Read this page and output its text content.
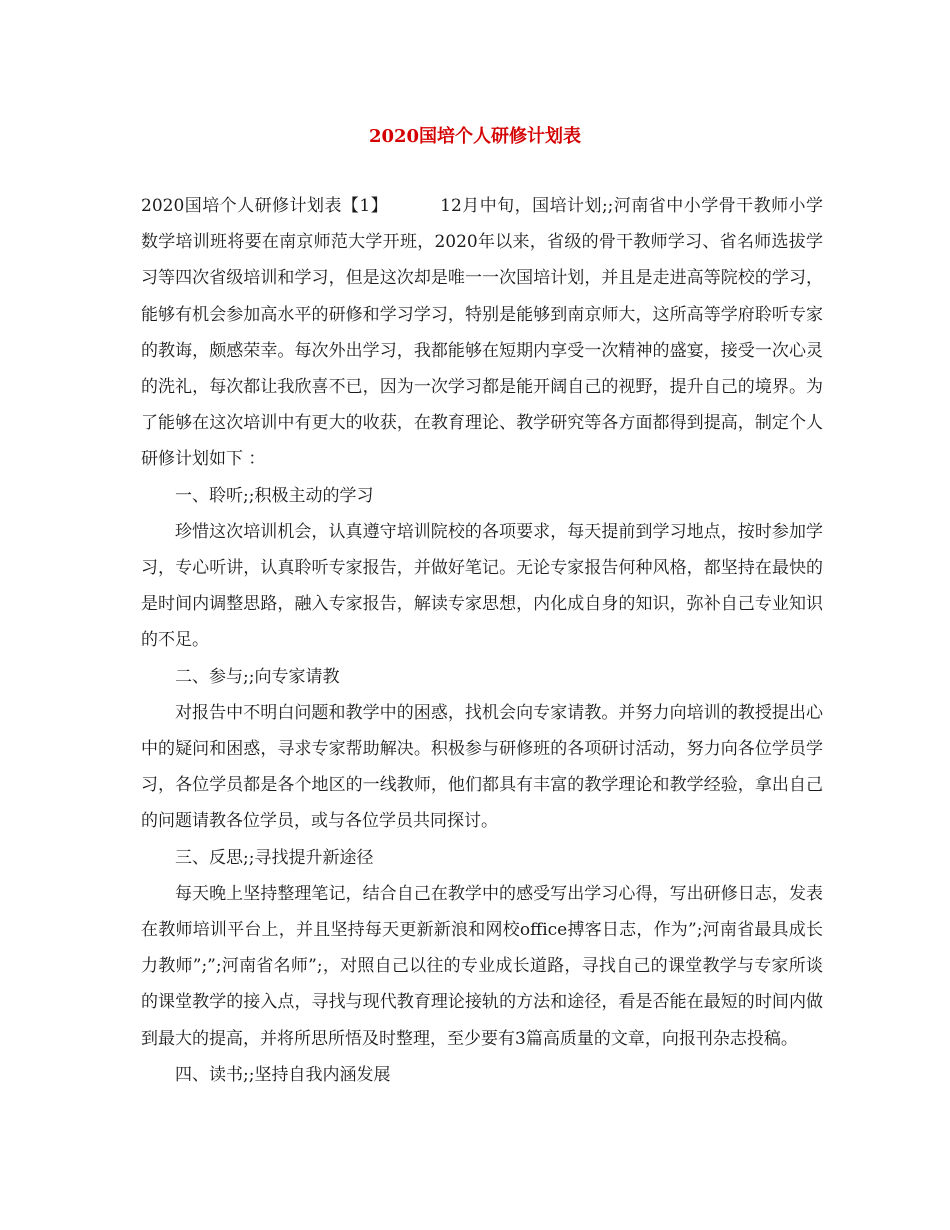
2020国培个人研修计划表

2020国培个人研修计划表【1】	12月中旬，国培计划;;河南省中小学骨干教师小学数学培训班将要在南京师范大学开班，2020年以来，省级的骨干教师学习、省名师选拔学习等四次省级培训和学习，但是这次却是唯一一次国培计划，并且是走进高等院校的学习，能够有机会参加高水平的研修和学习学习，特别是能够到南京师大，这所高等学府聆听专家的教诲，颇感荣幸。每次外出学习，我都能够在短期内享受一次精神的盛宴，接受一次心灵的洗礼，每次都让我欣喜不已，因为一次学习都是能开阔自己的视野，提升自己的境界。为了能够在这次培训中有更大的收获，在教育理论、教学研究等各方面都得到提高，制定个人研修计划如下 ：

一、聆听;;积极主动的学习

珍惜这次培训机会，认真遵守培训院校的各项要求，每天提前到学习地点，按时参加学习，专心听讲，认真聆听专家报告，并做好笔记。无论专家报告何种风格，都坚持在最快的是时间内调整思路，融入专家报告，解读专家思想，内化成自身的知识，弥补自己专业知识的不足。

二、参与;;向专家请教

对报告中不明白问题和教学中的困惑，找机会向专家请教。并努力向培训的教授提出心中的疑问和困惑，寻求专家帮助解决。积极参与研修班的各项研讨活动，努力向各位学员学习，各位学员都是各个地区的一线教师，他们都具有丰富的教学理论和教学经验，拿出自己的问题请教各位学员，或与各位学员共同探讨。

三、反思;;寻找提升新途径

每天晚上坚持整理笔记，结合自己在教学中的感受写出学习心得，写出研修日志，发表在教师培训平台上，并且坚持每天更新新浪和网校office搏客日志，作为”;河南省最具成长力教师”;”;河南省名师”;，对照自己以往的专业成长道路，寻找自己的课堂教学与专家所谈的课堂教学的接入点，寻找与现代教育理论接轨的方法和途径，看是否能在最短的时间内做到最大的提高，并将所思所悟及时整理，至少要有3篇高质量的文章，向报刊杂志投稿。

四、读书;;坚持自我内涵发展
